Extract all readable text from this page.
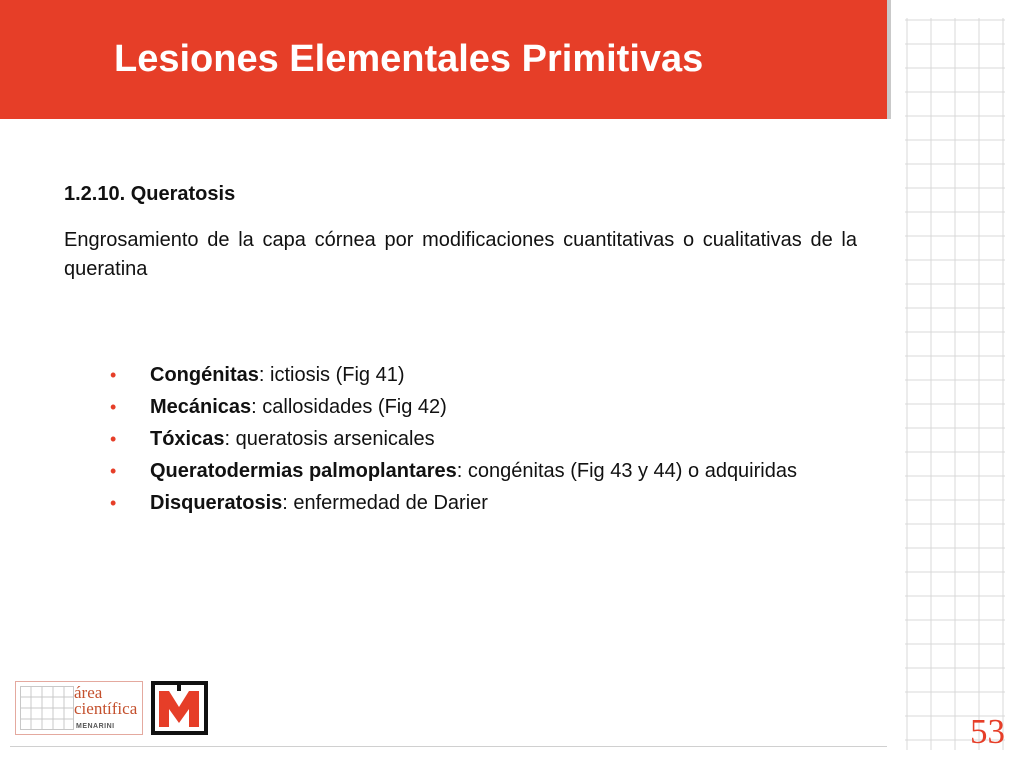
Lesiones Elementales Primitivas
1.2.10. Queratosis
Engrosamiento de la capa córnea por modificaciones cuantitativas o cualitativas de la queratina
• Congénitas: ictiosis (Fig 41)
• Mecánicas: callosidades (Fig 42)
• Tóxicas: queratosis arsenicales
• Queratodermias palmoplantares: congénitas (Fig 43 y 44) o adquiridas
• Disqueratosis: enfermedad de Darier
área
científica
MENARINI	53
